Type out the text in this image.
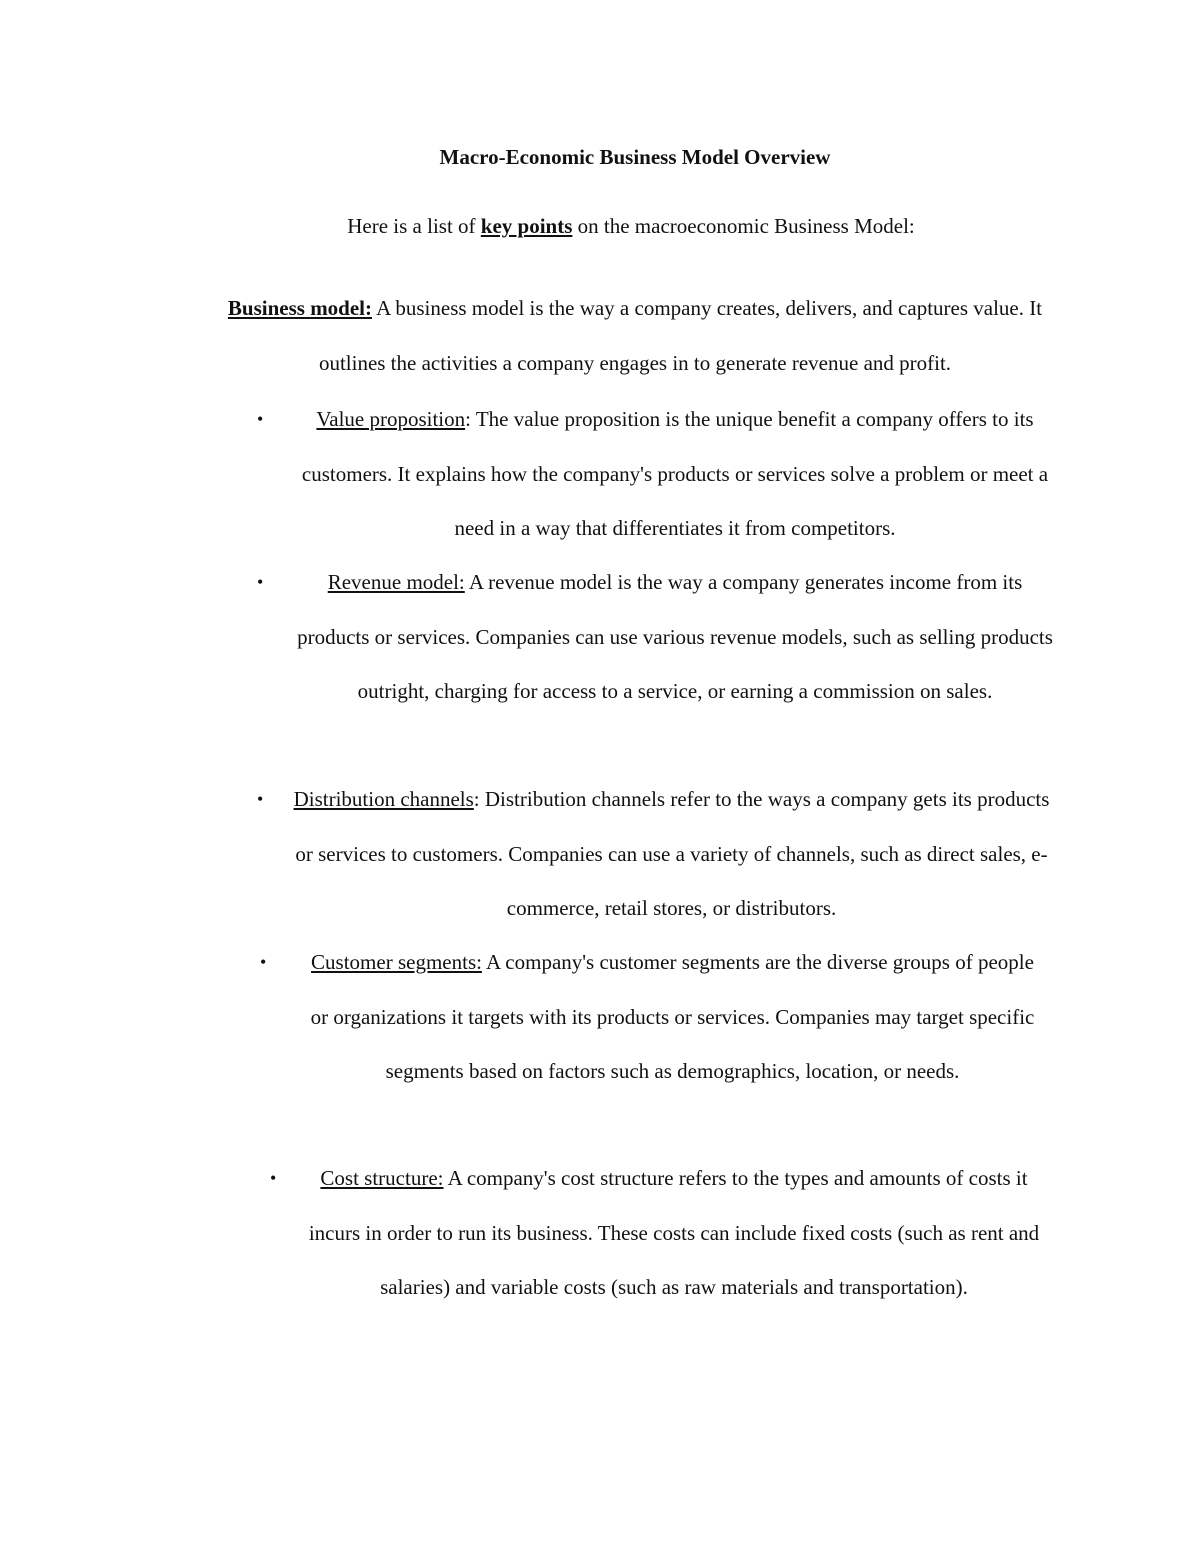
Macro-Economic Business Model Overview

Here is a list of key points on the macroeconomic Business Model:

Business model: A business model is the way a company creates, delivers, and captures value. It outlines the activities a company engages in to generate revenue and profit.

•	Value proposition: The value proposition is the unique benefit a company offers to its customers. It explains how the company's products or services solve a problem or meet a need in a way that differentiates it from competitors.
•	Revenue model: A revenue model is the way a company generates income from its products or services. Companies can use various revenue models, such as selling products outright, charging for access to a service, or earning a commission on sales.
• Distribution channels: Distribution channels refer to the ways a company gets its products or services to customers. Companies can use a variety of channels, such as direct sales, e-commerce, retail stores, or distributors.
•	Customer segments: A company's customer segments are the diverse groups of people or organizations it targets with its products or services. Companies may target specific segments based on factors such as demographics, location, or needs.
•	Cost structure: A company's cost structure refers to the types and amounts of costs it incurs in order to run its business. These costs can include fixed costs (such as rent and salaries) and variable costs (such as raw materials and transportation).
